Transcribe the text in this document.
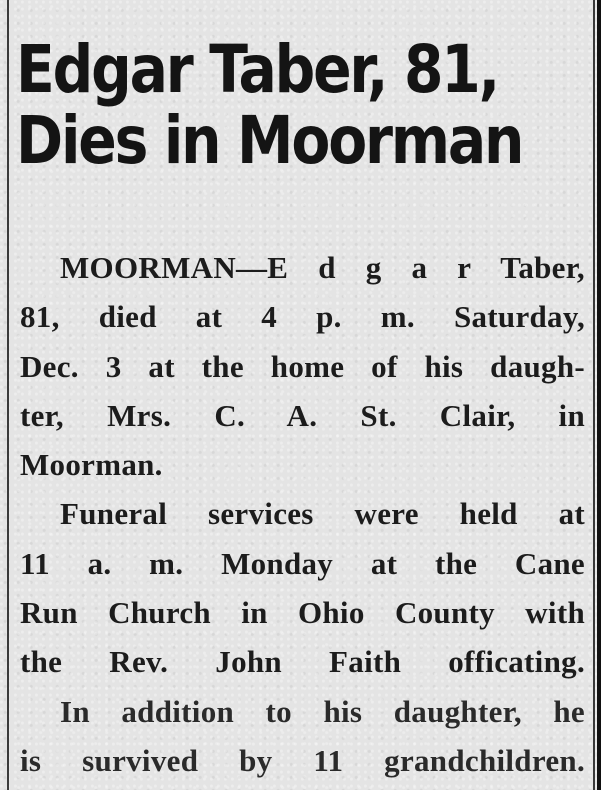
Edgar Taber, 81,
Dies in Moorman

MOORMAN—E d g a r Taber,
81, died at 4 p. m. Saturday,
Dec. 3 at the home of his daugh-
ter, Mrs. C. A. St. Clair, in
Moorman.

Funeral services were held at
11 a. m. Monday at the Cane
Run Church in Ohio County with
the Rev. John Faith officating.

In addition to his daughter, he
is survived by 11 grandchildren.
